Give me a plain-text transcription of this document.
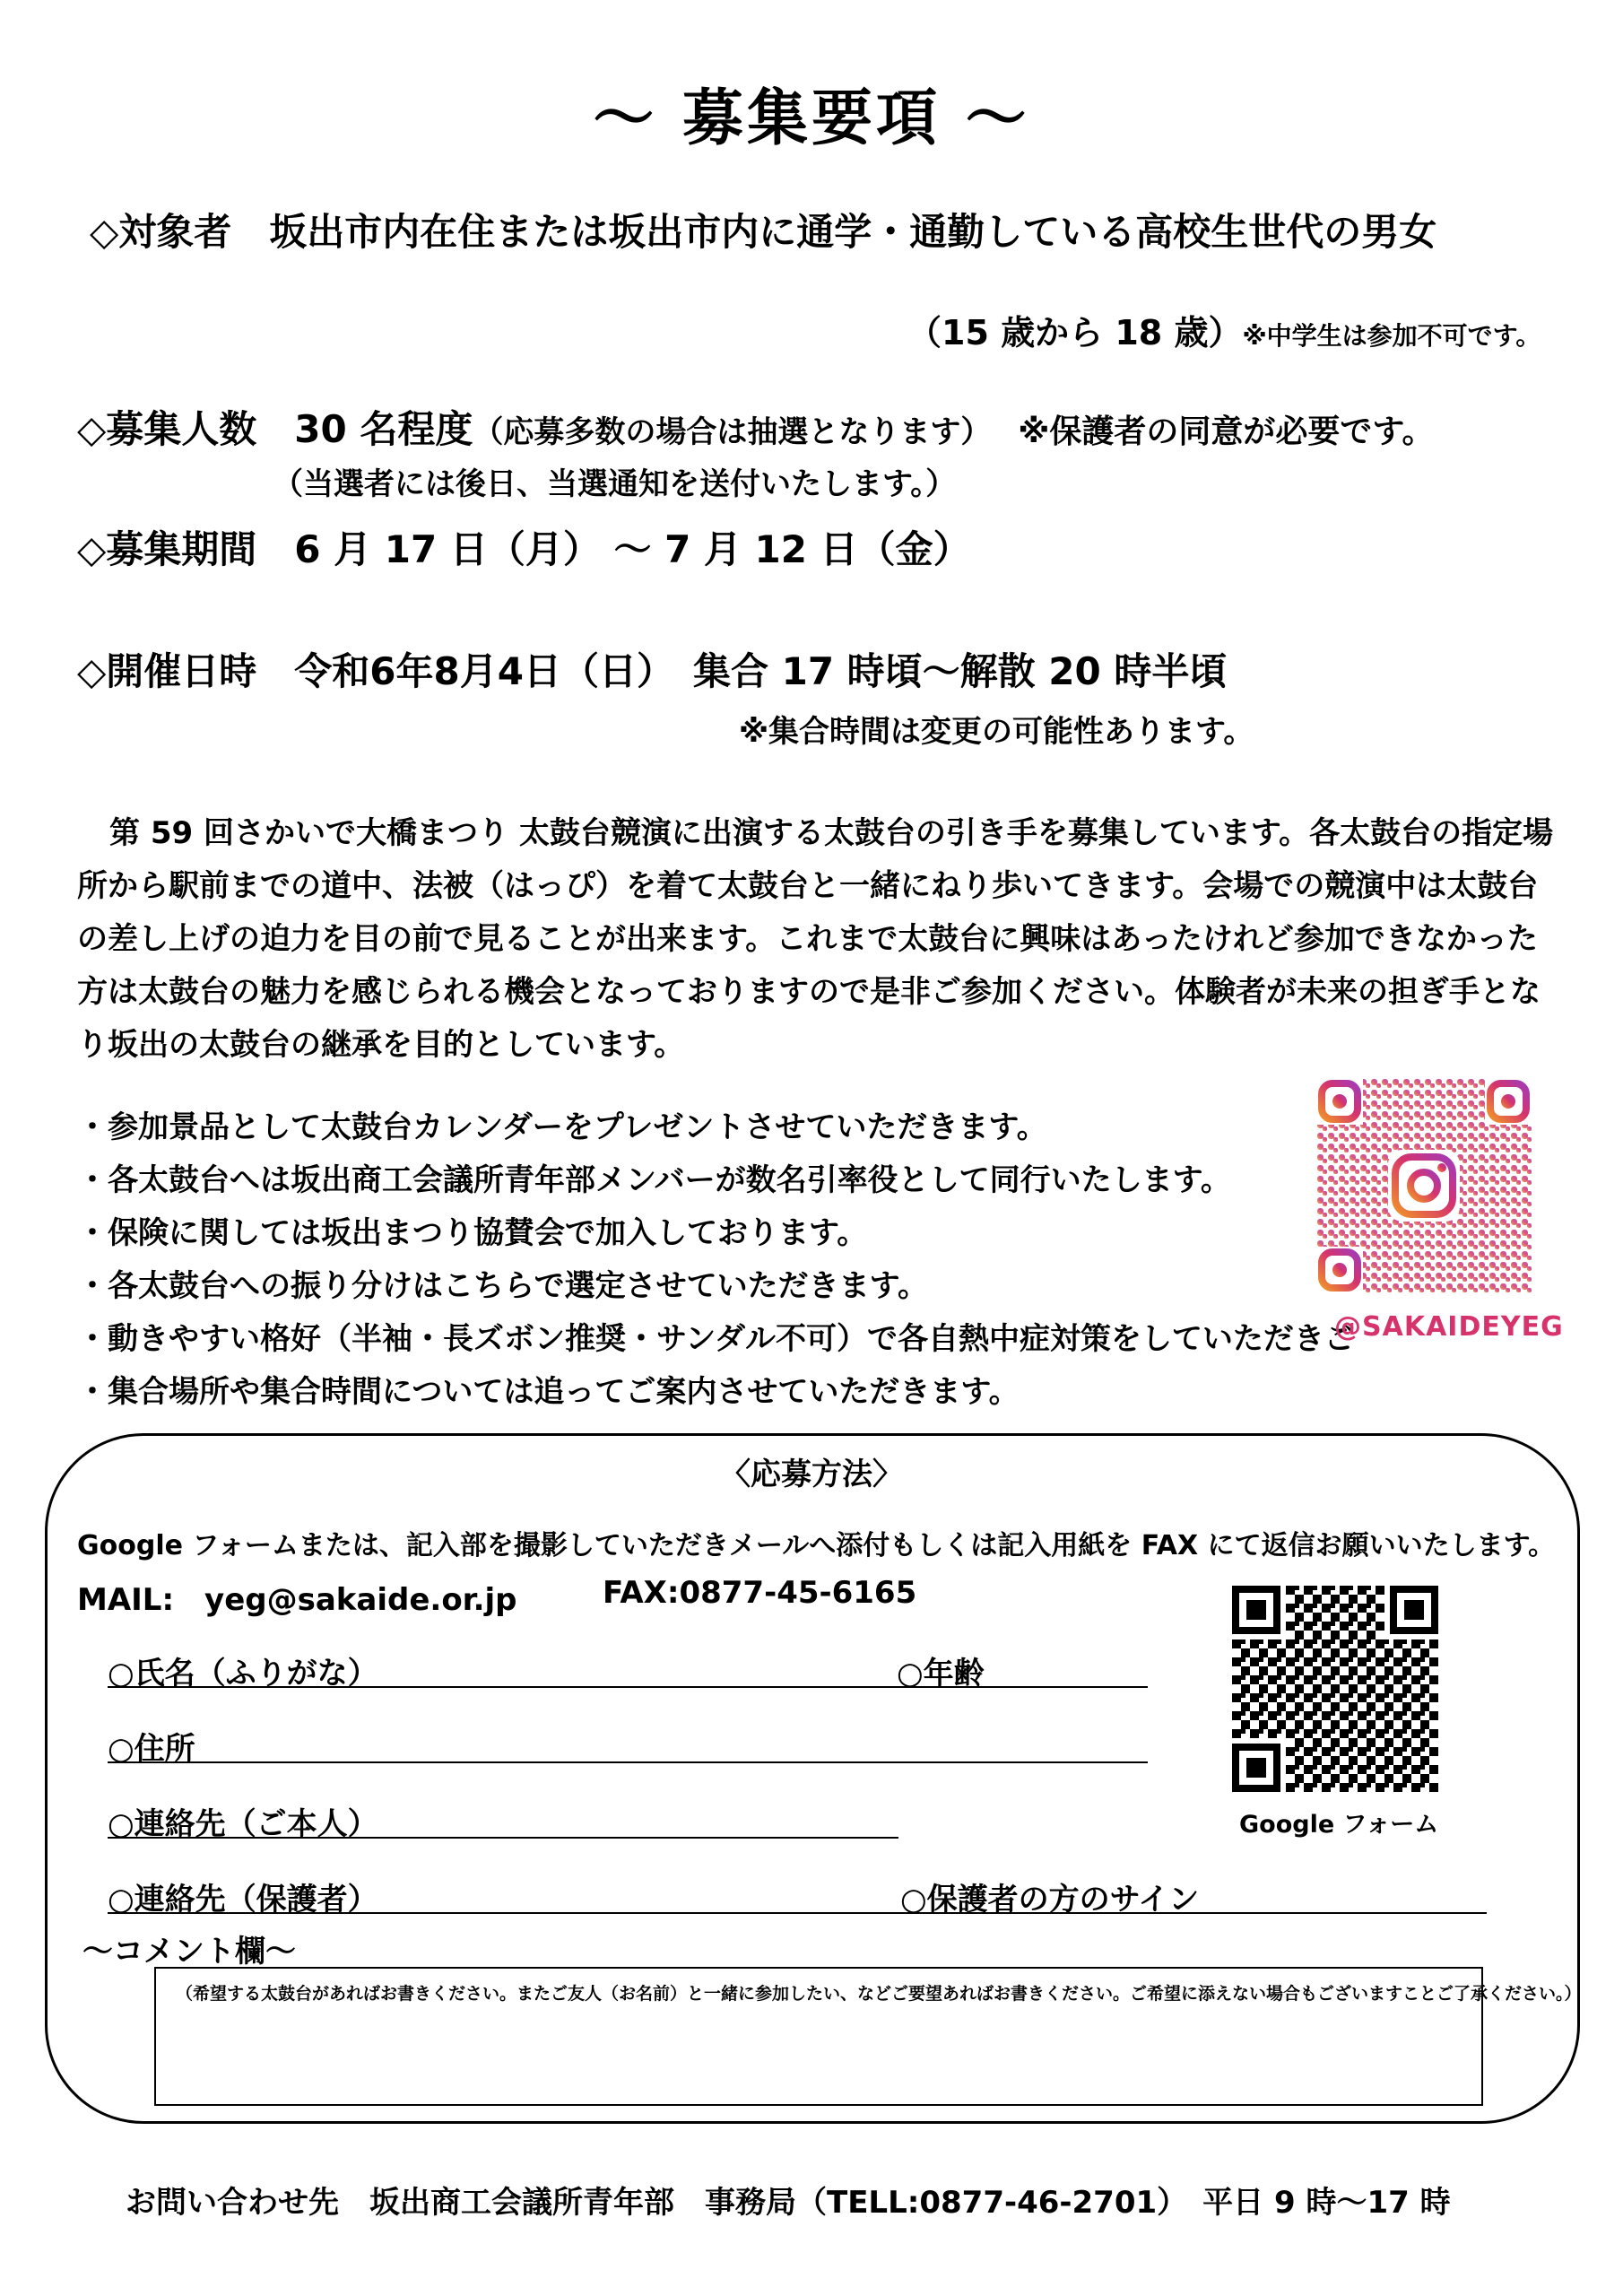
〜 募集要項 〜
◇対象者　坂出市内在住または坂出市内に通学・通勤している高校生世代の男女
（15 歳から 18 歳）※中学生は参加不可です。
◇募集人数　30 名程度（応募多数の場合は抽選となります） ※保護者の同意が必要です。
（当選者には後日、当選通知を送付いたします。）
◇募集期間　6 月 17 日（月） 〜 7 月 12 日（金）
◇開催日時　令和6年8月4日（日）　集合 17 時頃〜解散 20 時半頃
※集合時間は変更の可能性あります。

第 59 回さかいで大橋まつり 太鼓台競演に出演する太鼓台の引き手を募集しています。各太鼓台の指定場所から駅前までの道中、法被（はっぴ）を着て太鼓台と一緒にねり歩いてきます。会場での競演中は太鼓台の差し上げの迫力を目の前で見ることが出来ます。これまで太鼓台に興味はあったけれど参加できなかった方は太鼓台の魅力を感じられる機会となっておりますので是非ご参加ください。体験者が未来の担ぎ手となり坂出の太鼓台の継承を目的としています。

・参加景品として太鼓台カレンダーをプレゼントさせていただきます。
・各太鼓台へは坂出商工会議所青年部メンバーが数名引率役として同行いたします。
・保険に関しては坂出まつり協賛会で加入しております。
・各太鼓台への振り分けはこちらで選定させていただきます。
・動きやすい格好（半袖・長ズボン推奨・サンダル不可）で各自熱中症対策をしていただきご
・集合場所や集合時間については追ってご案内させていただきます。
@SAKAIDEYEG
〈応募方法〉
Google フォームまたは、記入部を撮影していただきメールへ添付もしくは記入用紙を FAX にて返信お願いいたします。
MAIL:　yeg@sakaide.or.jp	FAX:0877-45-6165
○氏名（ふりがな）	○年齢
○住所
○連絡先（ご本人）
○連絡先（保護者）	○保護者の方のサイン
〜コメント欄〜
（希望する太鼓台があればお書きください。またご友人（お名前）と一緒に参加したい、などご要望あればお書きください。ご希望に添えない場合もございますことご了承ください。）
Google フォーム
お問い合わせ先　坂出商工会議所青年部　事務局（TELL:0877-46-2701）　平日 9 時〜17 時
